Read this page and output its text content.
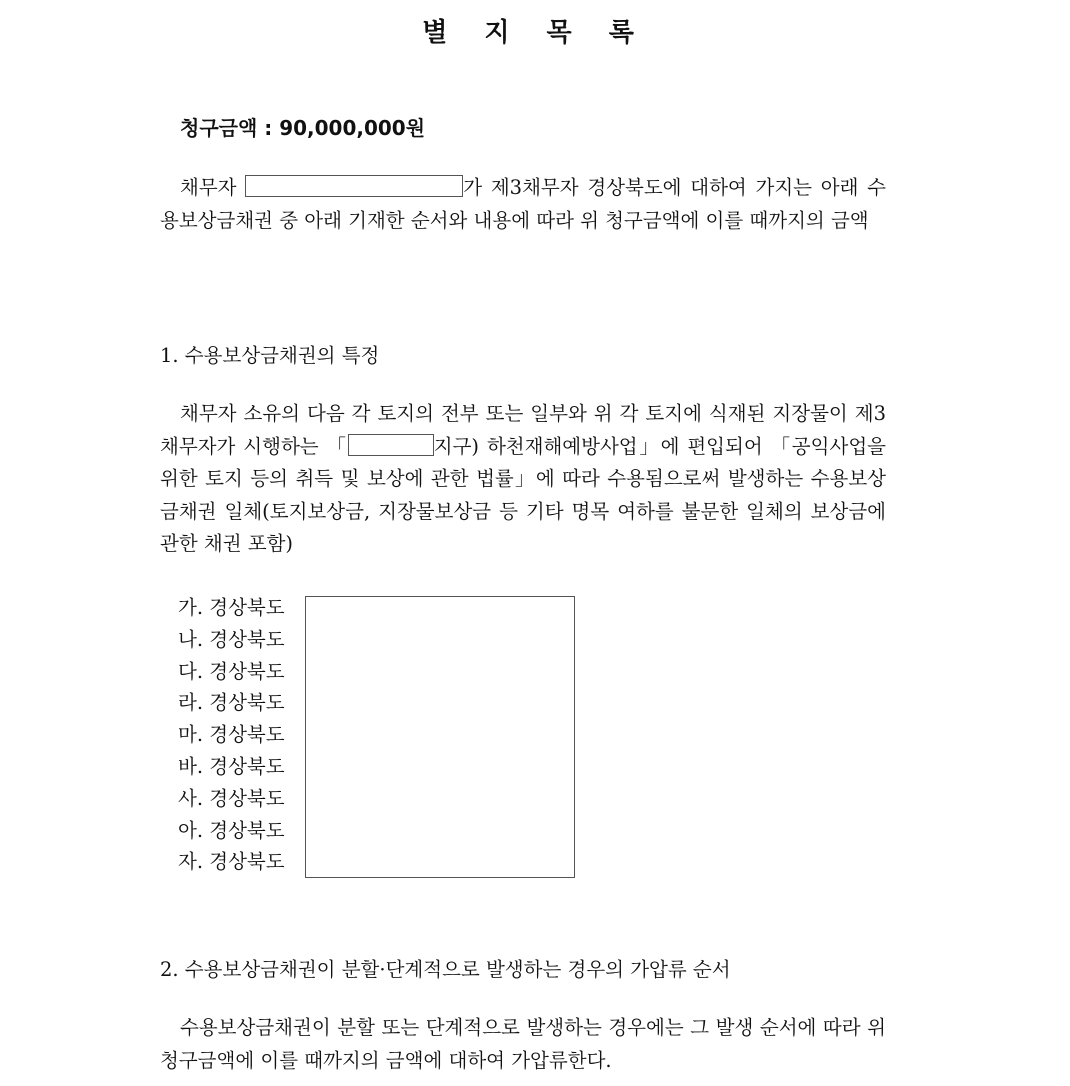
별 지 목 록
청구금액 : 90,000,000원
채무자	가 제3채무자 경상북도에 대하여 가지는 아래 수용보상금채권 중 아래 기재한 순서와 내용에 따라 위 청구금액에 이를 때까지의 금액
1. 수용보상금채권의 특정
채무자 소유의 다음 각 토지의 전부 또는 일부와 위 각 토지에 식재된 지장물이 제3채무자가 시행하는 「	지구) 하천재해예방사업」에 편입되어 「공익사업을 위한 토지 등의 취득 및 보상에 관한 법률」에 따라 수용됨으로써 발생하는 수용보상금채권 일체(토지보상금, 지장물보상금 등 기타 명목 여하를 불문한 일체의 보상금에 관한 채권 포함)
가. 경상북도
나. 경상북도
다. 경상북도
라. 경상북도
마. 경상북도
바. 경상북도
사. 경상북도
아. 경상북도
자. 경상북도
2. 수용보상금채권이 분할·단계적으로 발생하는 경우의 가압류 순서
수용보상금채권이 분할 또는 단계적으로 발생하는 경우에는 그 발생 순서에 따라 위 청구금액에 이를 때까지의 금액에 대하여 가압류한다.
